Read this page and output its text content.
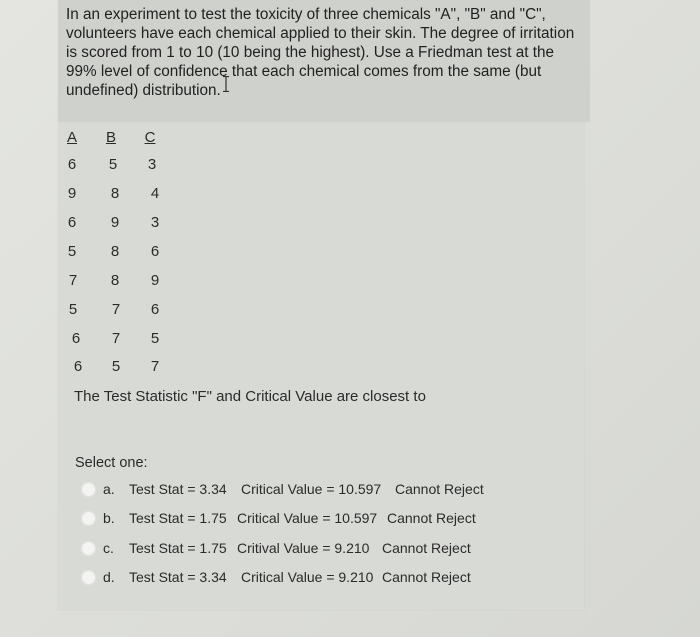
In an experiment to test the toxicity of three chemicals "A", "B" and "C", volunteers have each chemical applied to their skin. The degree of irritation is scored from 1 to 10 (10 being the highest). Use a Friedman test at the 99% level of confidence that each chemical comes from the same (but undefined) distribution.
A	B	C
6	5	3
9	8	4
6	9	3
5	8	6
7	8	9
5	7	6
6	7	5
6	5	7
The Test Statistic "F" and Critical Value are closest to
Select one:
a.	Test Stat = 3.34	Critical Value = 10.597 Cannot Reject
b.	Test Stat = 1.75 Critical Value = 10.597 Cannot Reject
c.	Test Stat = 1.75 Critival Value = 9.210 Cannot Reject
d.	Test Stat = 3.34	Critical Value = 9.210 Cannot Reject
